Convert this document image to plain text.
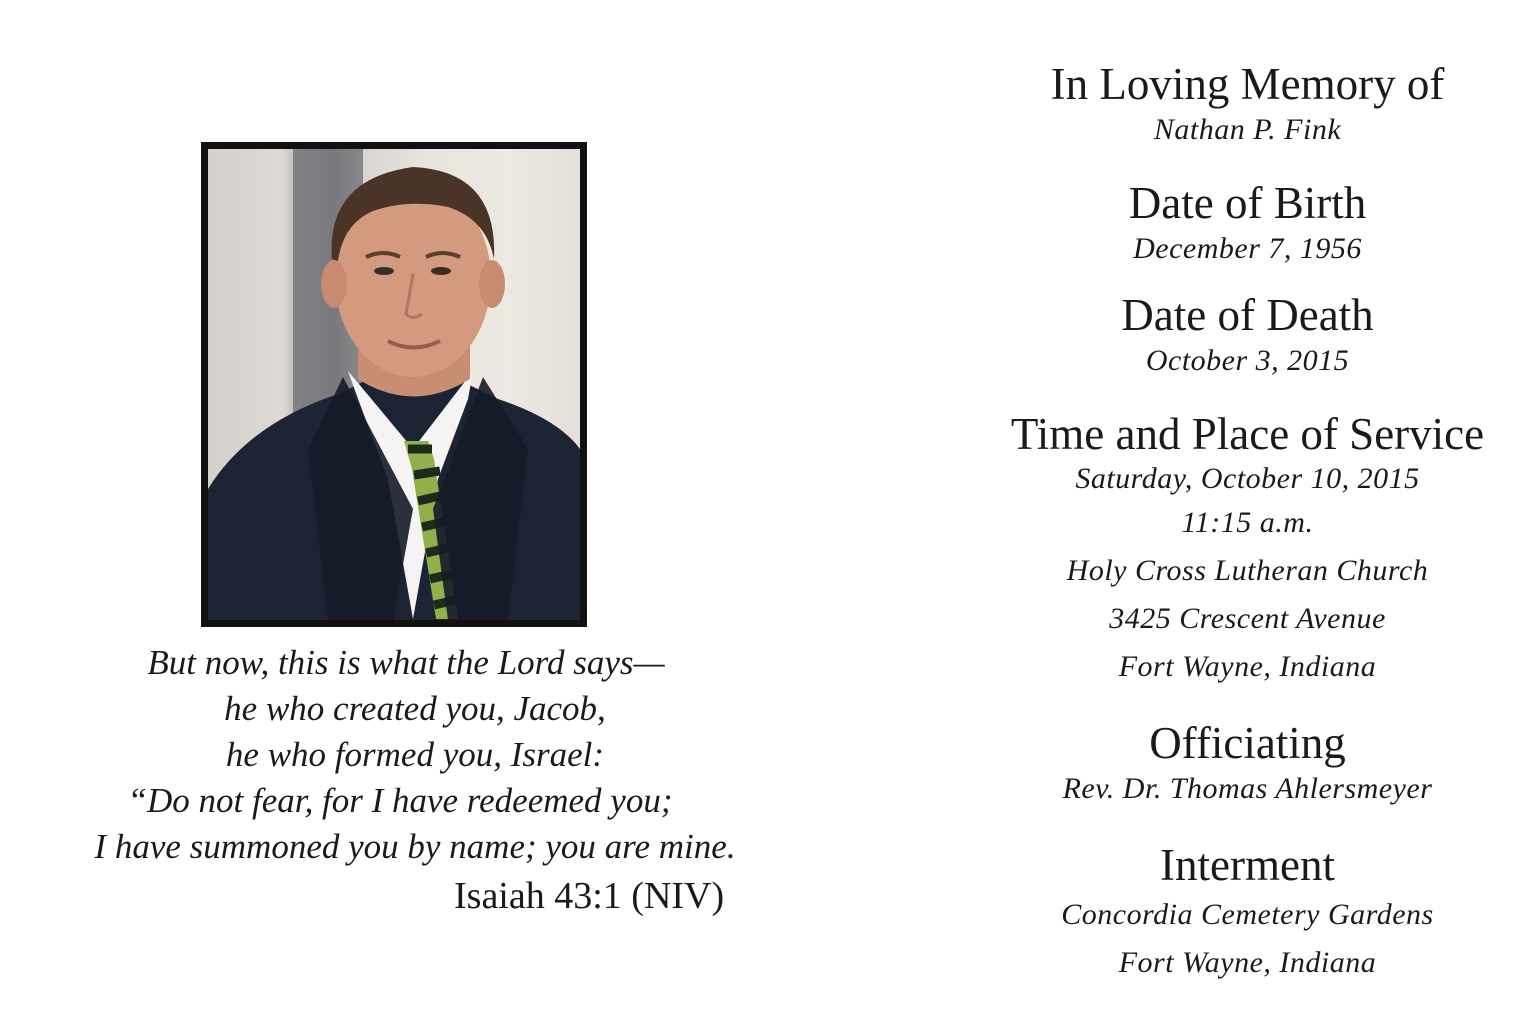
But now, this is what the Lord says—
he who created you, Jacob,
he who formed you, Israel:
“Do not fear, for I have redeemed you;
I have summoned you by name; you are mine.
Isaiah 43:1 (NIV)
In Loving Memory of
Nathan P. Fink
Date of Birth
December 7, 1956
Date of Death
October 3, 2015
Time and Place of Service
Saturday, October 10, 2015
11:15 a.m.
Holy Cross Lutheran Church
3425 Crescent Avenue
Fort Wayne, Indiana
Officiating
Rev. Dr. Thomas Ahlersmeyer
Interment
Concordia Cemetery Gardens
Fort Wayne, Indiana
